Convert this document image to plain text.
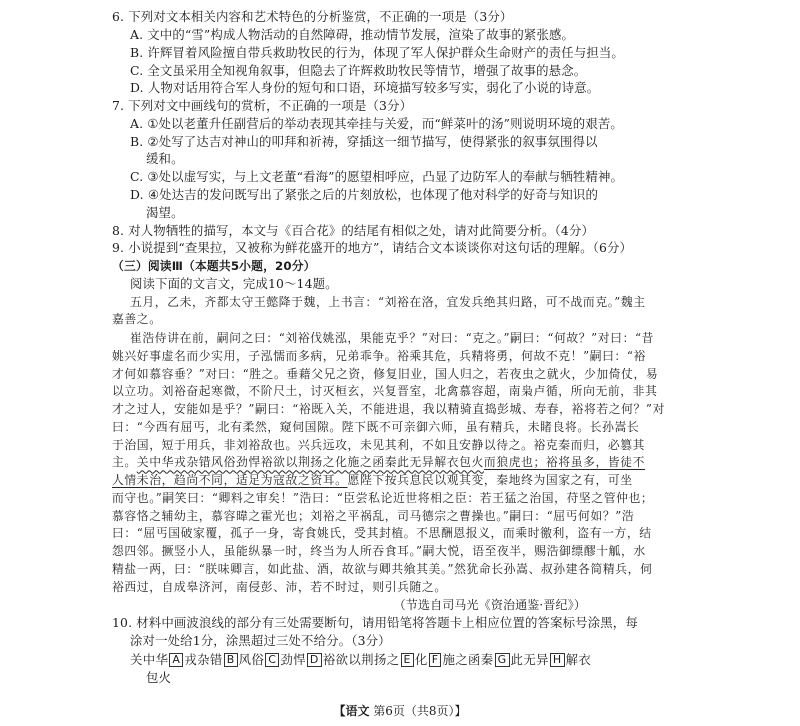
6. 下列对文本相关内容和艺术特色的分析鉴赏，不正确的一项是（3分）
A. 文中的“雪”构成人物活动的自然障碍，推动情节发展，渲染了故事的紧张感。
B. 许辉冒着风险擅自带兵救助牧民的行为，体现了军人保护群众生命财产的责任与担当。
C. 全文虽采用全知视角叙事，但隐去了许辉救助牧民等情节，增强了故事的悬念。
D. 人物对话用符合军人身份的短句和口语，环境描写较多写实，弱化了小说的诗意。
7. 下列对文中画线句的赏析，不正确的一项是（3分）
A. ①处以老董升任副营后的举动表现其牵挂与关爱，而“鲜菜叶的汤”则说明环境的艰苦。
B. ②处写了达吉对神山的叩拜和祈祷，穿插这一细节描写，使得紧张的叙事氛围得以
缓和。
C. ③处以虚写实，与上文老董“看海”的愿望相呼应，凸显了边防军人的奉献与牺牲精神。
D. ④处达吉的发问既写出了紧张之后的片刻放松，也体现了他对科学的好奇与知识的
渴望。
8. 对人物牺牲的描写，本文与《百合花》的结尾有相似之处，请对此简要分析。（4分）
9. 小说提到“查果拉，又被称为鲜花盛开的地方”，请结合文本谈谈你对这句话的理解。（6分）
（三）阅读Ⅲ（本题共5小题，20分）
阅读下面的文言文，完成10～14题。
五月，乙未，齐都太守王懿降于魏，上书言：“刘裕在洛，宜发兵绝其归路，可不战而克。”魏主
嘉善之。
崔浩侍讲在前，嗣问之曰：“刘裕伐姚泓，果能克乎？”对曰：“克之。”嗣曰：“何故？”对曰：“昔
姚兴好事虚名而少实用，子泓懦而多病，兄弟乖争。裕乘其危，兵精将勇，何故不克！”嗣曰：“裕
才何如慕容垂？”对曰：“胜之。垂藉父兄之资，修复旧业，国人归之，若夜虫之就火，少加倚仗，易
以立功。刘裕奋起寒微，不阶尺土，讨灭桓玄，兴复晋室，北禽慕容超，南枭卢循，所向无前，非其
才之过人，安能如是乎？”嗣曰：“裕既入关，不能进退，我以精骑直捣彭城、寿春，裕将若之何？”对
曰：“今西有屈丐，北有柔然，窥伺国隙。陛下既不可亲御六师，虽有精兵，未睹良将。长孙嵩长
于治国，短于用兵，非刘裕敌也。兴兵远攻，未见其利，不如且安静以待之。裕克秦而归，必篡其
主。关中华戎杂错风俗劲悍裕欲以荆扬之化施之函秦此无异解衣包火而狼虎也；裕将虽多，皆徒不
人情未治，趋尚不同，适足为寇敌之资耳。愿陛下按兵息民以观其变，秦地终为国家之有，可坐
而守也。”嗣笑曰：“卿料之审矣！”浩曰：“臣尝私论近世将相之臣：若王猛之治国，苻坚之管仲也；
慕容恪之辅幼主，慕容暐之霍光也；刘裕之平祸乱，司马德宗之曹操也。”嗣曰：“屈丐何如？”浩
曰：“屈丐国破家覆，孤子一身，寄食姚氏，受其封植。不思酬恩报义，而乘时徼利，盗有一方，结
怨四邻。撅竖小人，虽能纵暴一时，终当为人所吞食耳。”嗣大悦，语至夜半，赐浩御缥醪十觚，水
精盐一两，曰：“朕味卿言，如此盐、酒，故欲与卿共飨其美。”然犹命长孙嵩、叔孙建各简精兵，伺
裕西过，自成皋济河，南侵彭、沛，若不时过，则引兵随之。
（节选自司马光《资治通鉴·晋纪》）
10. 材料中画波浪线的部分有三处需要断句，请用铅笔将答题卡上相应位置的答案标号涂黑，每
涂对一处给1分，涂黑超过三处不给分。（3分）
【语文 第6页（共8页）】
关中华 A 戎杂错 B 风俗 C 劲悍 D 裕欲以荆扬之 E 化 F 施之函秦 G 此无异 H 解衣
包火
